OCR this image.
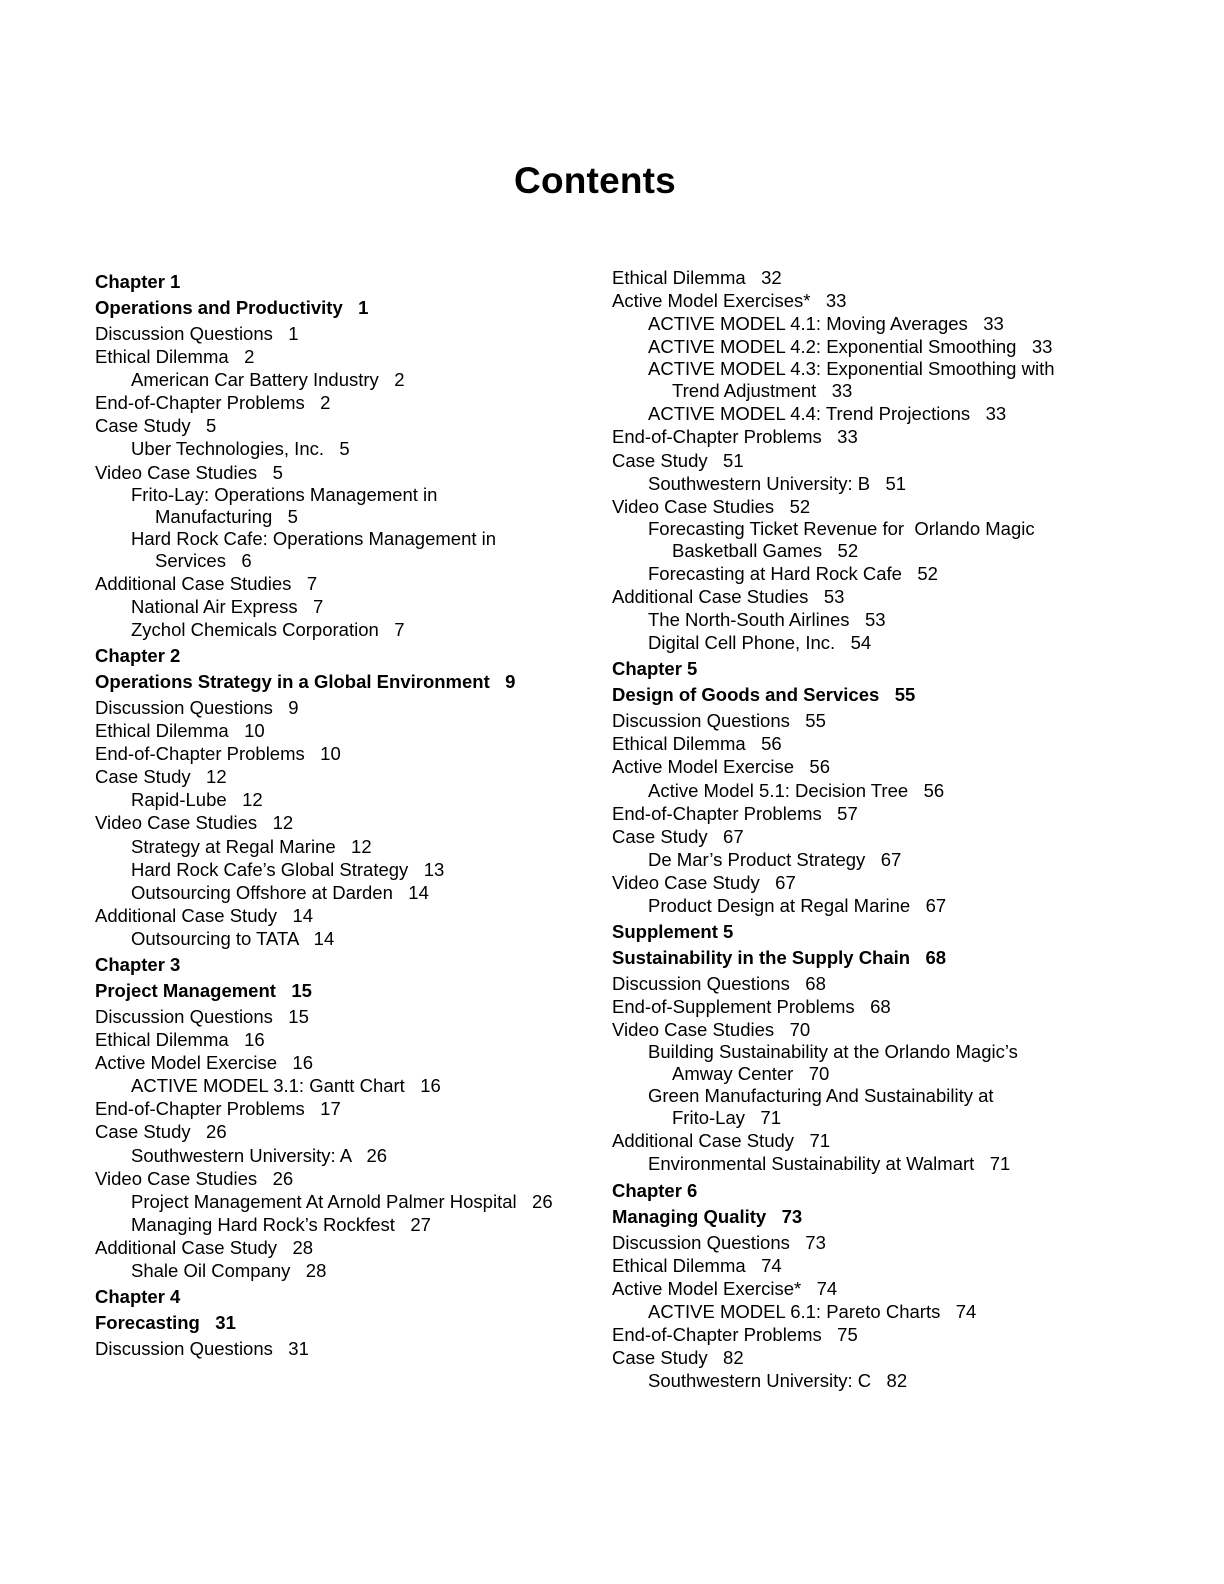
Contents
Chapter 1
Operations and Productivity   1
Discussion Questions   1
Ethical Dilemma   2
American Car Battery Industry   2
End-of-Chapter Problems   2
Case Study   5
Uber Technologies, Inc.   5
Video Case Studies   5
Frito-Lay: Operations Management in
Manufacturing   5
Hard Rock Cafe: Operations Management in
Services   6
Additional Case Studies   7
National Air Express   7
Zychol Chemicals Corporation   7
Chapter 2
Operations Strategy in a Global Environment   9
Discussion Questions   9
Ethical Dilemma   10
End-of-Chapter Problems   10
Case Study   12
Rapid-Lube   12
Video Case Studies   12
Strategy at Regal Marine   12
Hard Rock Cafe’s Global Strategy   13
Outsourcing Offshore at Darden   14
Additional Case Study   14
Outsourcing to TATA   14
Chapter 3
Project Management   15
Discussion Questions   15
Ethical Dilemma   16
Active Model Exercise   16
ACTIVE MODEL 3.1: Gantt Chart   16
End-of-Chapter Problems   17
Case Study   26
Southwestern University: A   26
Video Case Studies   26
Project Management At Arnold Palmer Hospital   26
Managing Hard Rock’s Rockfest   27
Additional Case Study   28
Shale Oil Company   28
Chapter 4
Forecasting   31
Discussion Questions   31
Ethical Dilemma   32
Active Model Exercises*   33
ACTIVE MODEL 4.1: Moving Averages   33
ACTIVE MODEL 4.2: Exponential Smoothing   33
ACTIVE MODEL 4.3: Exponential Smoothing with
Trend Adjustment   33
ACTIVE MODEL 4.4: Trend Projections   33
End-of-Chapter Problems   33
Case Study   51
Southwestern University: B   51
Video Case Studies   52
Forecasting Ticket Revenue for  Orlando Magic
Basketball Games   52
Forecasting at Hard Rock Cafe   52
Additional Case Studies   53
The North-South Airlines   53
Digital Cell Phone, Inc.   54
Chapter 5
Design of Goods and Services   55
Discussion Questions   55
Ethical Dilemma   56
Active Model Exercise   56
Active Model 5.1: Decision Tree   56
End-of-Chapter Problems   57
Case Study   67
De Mar’s Product Strategy   67
Video Case Study   67
Product Design at Regal Marine   67
Supplement 5
Sustainability in the Supply Chain   68
Discussion Questions   68
End-of-Supplement Problems   68
Video Case Studies   70
Building Sustainability at the Orlando Magic’s
Amway Center   70
Green Manufacturing And Sustainability at
Frito-Lay   71
Additional Case Study   71
Environmental Sustainability at Walmart   71
Chapter 6
Managing Quality   73
Discussion Questions   73
Ethical Dilemma   74
Active Model Exercise*   74
ACTIVE MODEL 6.1: Pareto Charts   74
End-of-Chapter Problems   75
Case Study   82
Southwestern University: C   82
